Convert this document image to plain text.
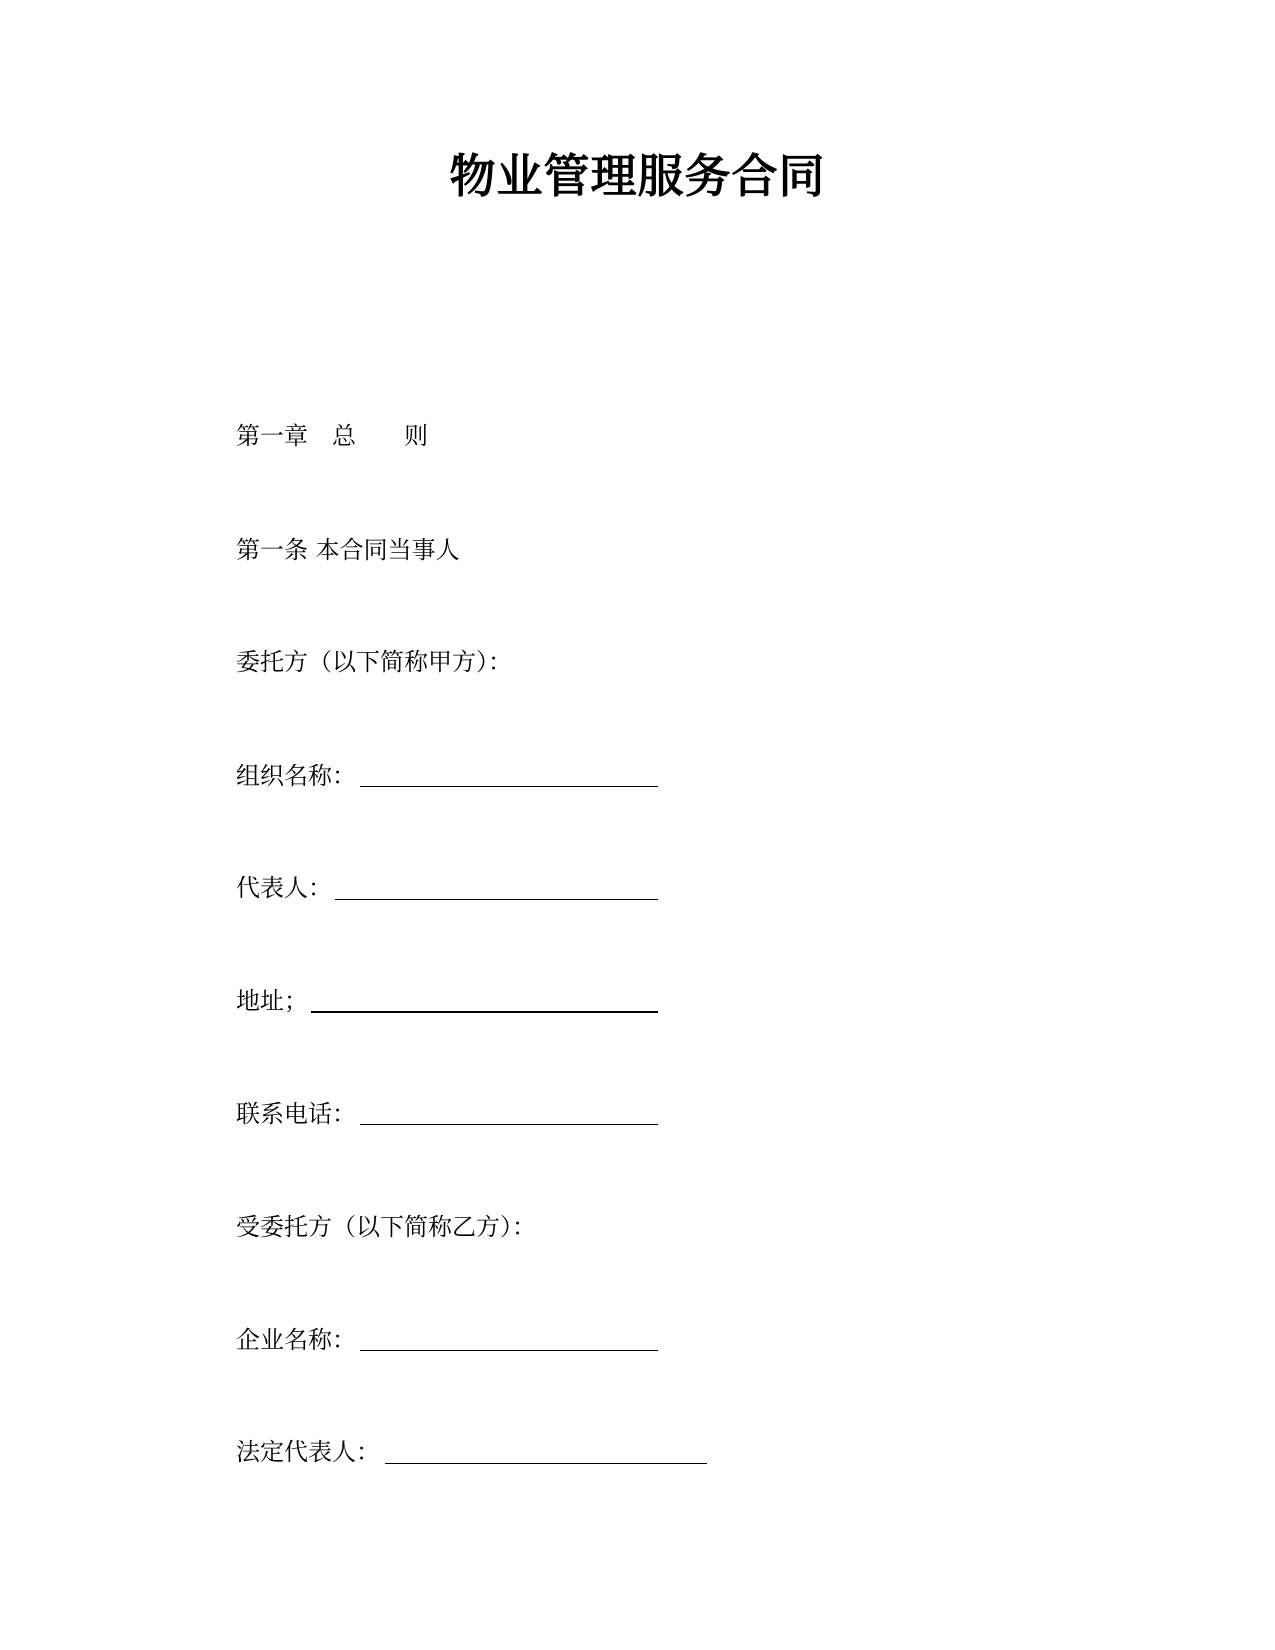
物业管理服务合同
第一章　总　　则
第一条 本合同当事人
委托方（以下简称甲方）：
组织名称：
代表人：
地址；
联系电话：
受委托方（以下简称乙方）：
企业名称：
法定代表人：
